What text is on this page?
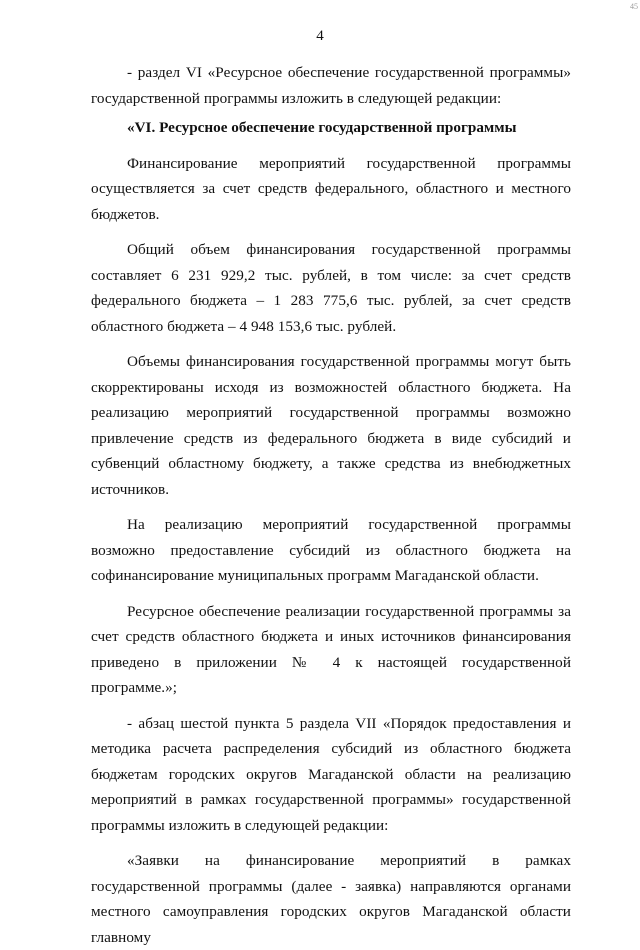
45
4

- раздел VI «Ресурсное обеспечение государственной программы» государственной программы изложить в следующей редакции:

«VI. Ресурсное обеспечение государственной программы

Финансирование мероприятий государственной программы осуществляется за счет средств федерального, областного и местного бюджетов.

Общий объем финансирования государственной программы составляет 6 231 929,2 тыс. рублей, в том числе: за счет средств федерального бюджета – 1 283 775,6 тыс. рублей, за счет средств областного бюджета – 4 948 153,6 тыс. рублей.

Объемы финансирования государственной программы могут быть скорректированы исходя из возможностей областного бюджета. На реализацию мероприятий государственной программы возможно привлечение средств из федерального бюджета в виде субсидий и субвенций областному бюджету, а также средства из внебюджетных источников.

На реализацию мероприятий государственной программы возможно предоставление субсидий из областного бюджета на софинансирование муниципальных программ Магаданской области.

Ресурсное обеспечение реализации государственной программы за счет средств областного бюджета и иных источников финансирования приведено в приложении № 4 к настоящей государственной программе.»;

- абзац шестой пункта 5 раздела VII «Порядок предоставления и методика расчета распределения субсидий из областного бюджета бюджетам городских округов Магаданской области на реализацию мероприятий в рамках государственной программы» государственной программы изложить в следующей редакции:

«Заявки на финансирование мероприятий в рамках государственной программы (далее - заявка) направляются органами местного самоуправления городских округов Магаданской области главному
